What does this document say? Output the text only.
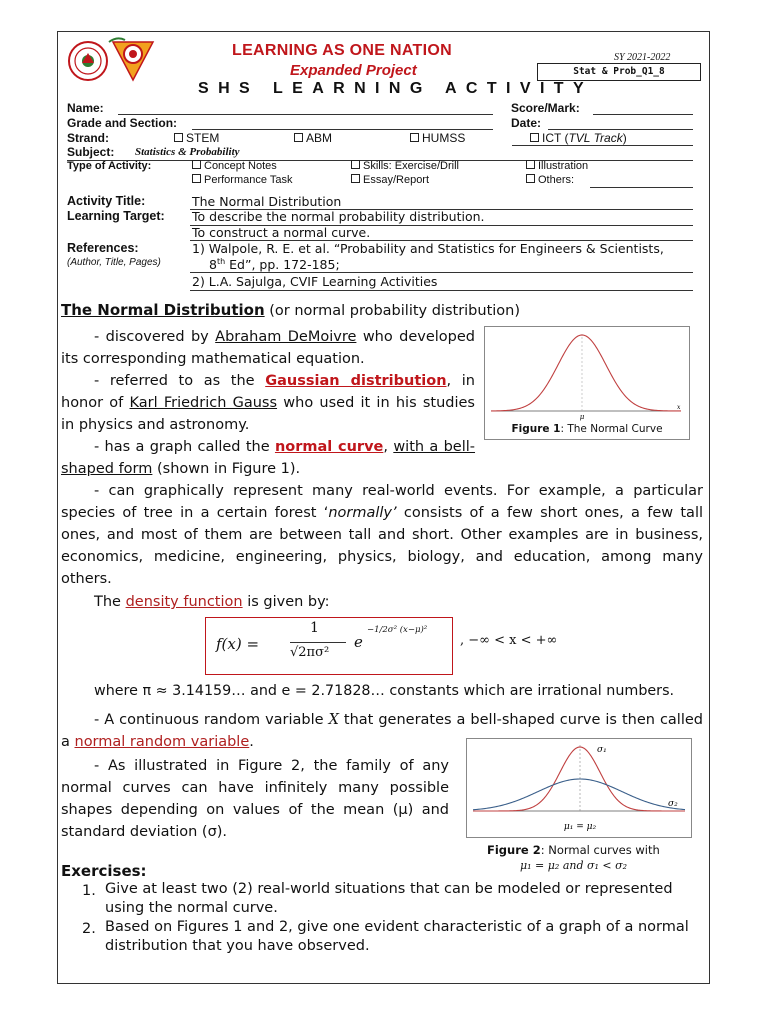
LEARNING AS ONE NATION
Expanded Project
SY 2021-2022
Stat & Prob_Q1_8
SHS LEARNING ACTIVITY
Name:	Score/Mark:
Grade and Section:	Date:
Strand:	STEM	ABM	HUMSS	ICT (TVL Track)
Subject: Statistics & Probability
Type of Activity:	Concept Notes	Skills: Exercise/Drill	Illustration
Performance Task	Essay/Report	Others:
Activity Title:	The Normal Distribution
Learning Target: To describe the normal probability distribution.
To construct a normal curve.
References:
(Author, Title, Pages)
1) Walpole, R. E. et al. “Probability and Statistics for Engineers & Scientists,
8th Ed”, pp. 172-185;
2) L.A. Sajulga, CVIF Learning Activities
The Normal Distribution (or normal probability distribution)
- discovered by Abraham DeMoivre who developed its corresponding mathematical equation.
- referred to as the Gaussian distribution, in honor of Karl Friedrich Gauss who used it in his studies in physics and astronomy.
- has a graph called the normal curve, with a bell-shaped form (shown in Figure 1).
μ
x
Figure 1: The Normal Curve
- can graphically represent many real-world events. For example, a particular species of tree in a certain forest ‘normally’ consists of a few short ones, a few tall ones, and most of them are between tall and short. Other examples are in business, economics, medicine, engineering, physics, biology, and education, among many others.
The density function is given by:
f(x) =
1
√2πσ²
e
−1/2σ² (x−μ)²
, −∞ < x < +∞
where π ≈ 3.14159… and e = 2.71828… constants which are irrational numbers.
- A continuous random variable X that generates a bell-shaped curve is then called a normal random variable.
- As illustrated in Figure 2, the family of any normal curves can have infinitely many possible shapes depending on values of the mean (μ) and standard deviation (σ).
σ₁
σ₂
μ₁ = μ₂
Figure 2: Normal curves with
μ₁ = μ₂ and σ₁ < σ₂
Exercises:
1. Give at least two (2) real-world situations that can be modeled or represented using the normal curve.
2. Based on Figures 1 and 2, give one evident characteristic of a graph of a normal distribution that you have observed.
